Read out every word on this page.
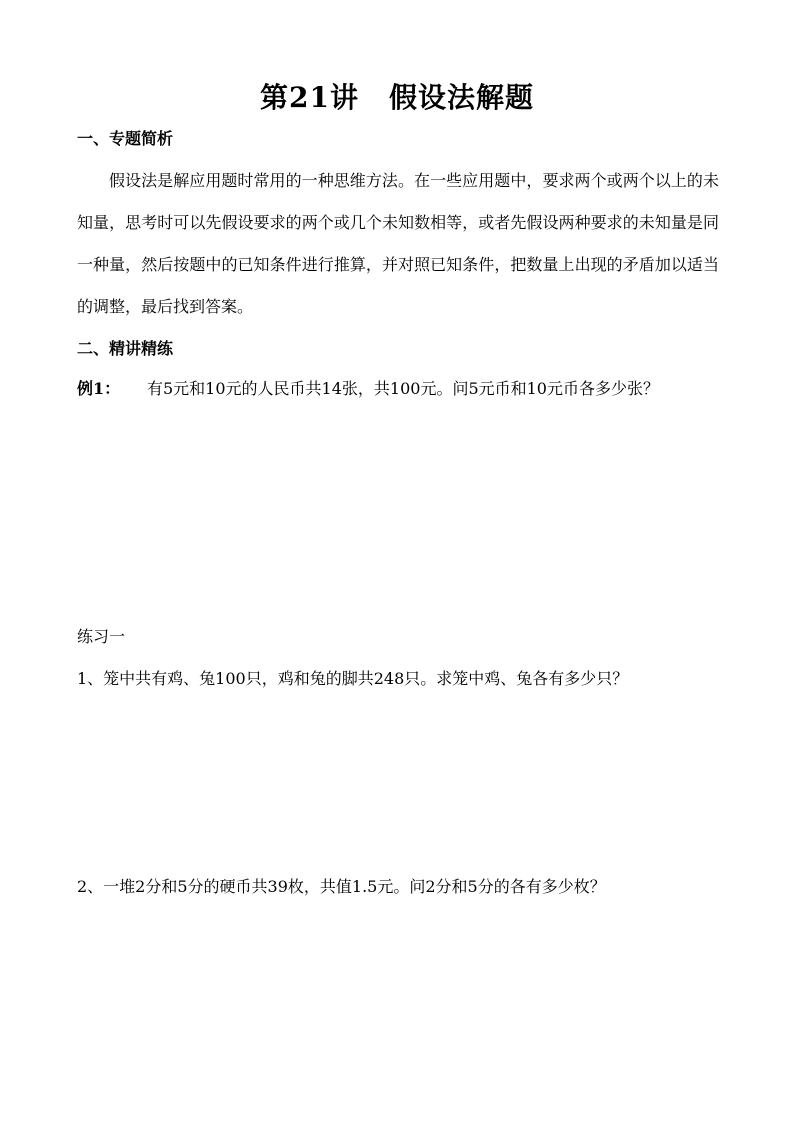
第21讲 假设法解题
一、专题简析
假设法是解应用题时常用的一种思维方法。在一些应用题中，要求两个或两个以上的未知量，思考时可以先假设要求的两个或几个未知数相等，或者先假设两种要求的未知量是同一种量，然后按题中的已知条件进行推算，并对照已知条件，把数量上出现的矛盾加以适当的调整，最后找到答案。
二、精讲精练
例1： 有5元和10元的人民币共14张，共100元。问5元币和10元币各多少张？
练习一
1、笼中共有鸡、兔100只，鸡和兔的脚共248只。求笼中鸡、兔各有多少只？
2、一堆2分和5分的硬币共39枚，共值1.5元。问2分和5分的各有多少枚？
